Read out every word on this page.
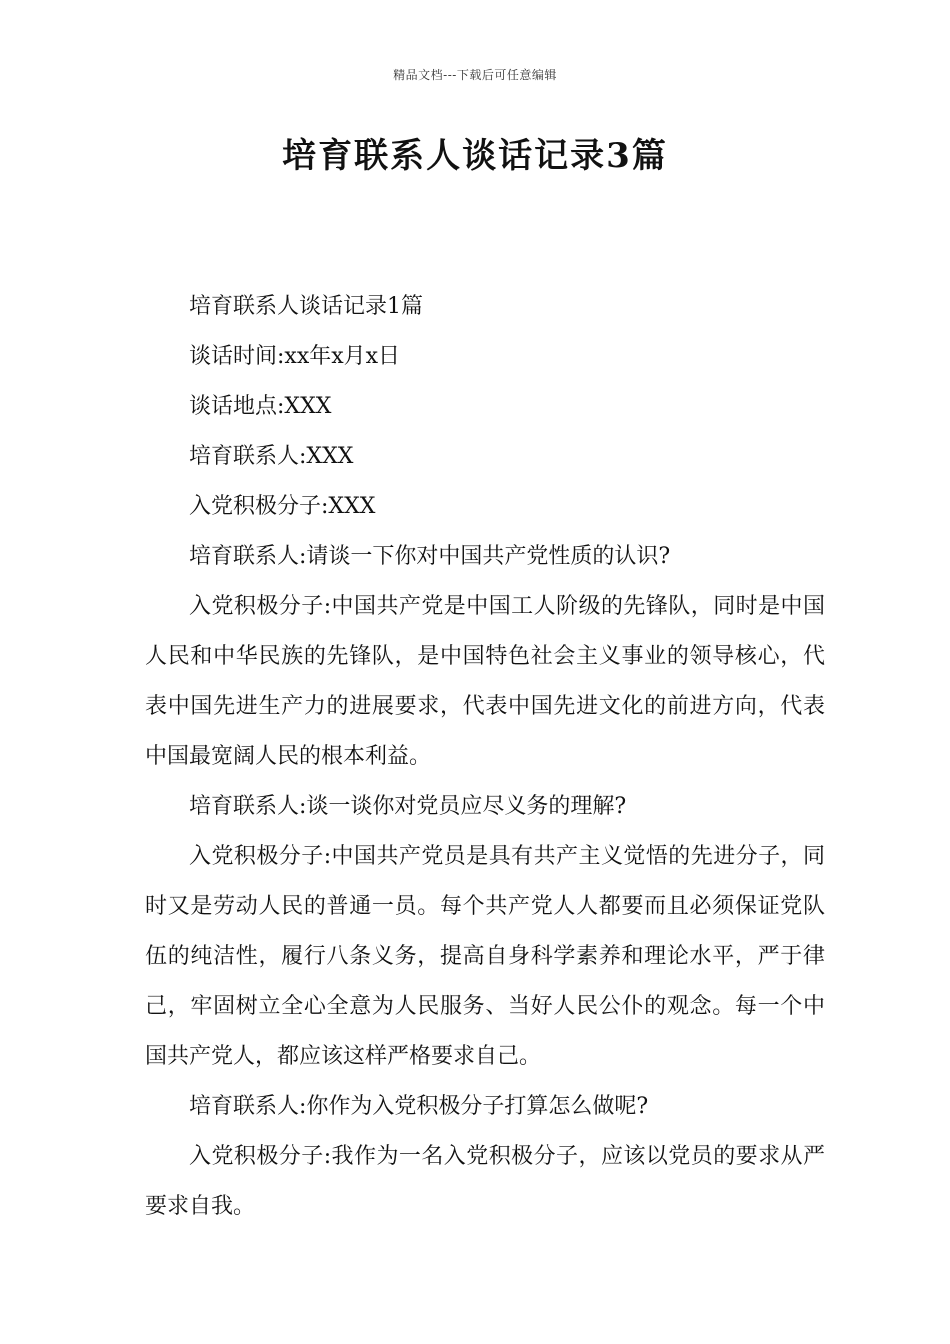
精品文档---下载后可任意编辑
培育联系人谈话记录3篇

培育联系人谈话记录1篇

谈话时间:xx年x月x日

谈话地点:XXX

培育联系人:XXX

入党积极分子:XXX

培育联系人:请谈一下你对中国共产党性质的认识?

入党积极分子:中国共产党是中国工人阶级的先锋队，同时是中国人民和中华民族的先锋队，是中国特色社会主义事业的领导核心，代表中国先进生产力的进展要求，代表中国先进文化的前进方向，代表中国最宽阔人民的根本利益。

培育联系人:谈一谈你对党员应尽义务的理解?

入党积极分子:中国共产党员是具有共产主义觉悟的先进分子，同时又是劳动人民的普通一员。每个共产党人人都要而且必须保证党队伍的纯洁性，履行八条义务，提高自身科学素养和理论水平，严于律己，牢固树立全心全意为人民服务、当好人民公仆的观念。每一个中国共产党人，都应该这样严格要求自己。

培育联系人:你作为入党积极分子打算怎么做呢?

入党积极分子:我作为一名入党积极分子，应该以党员的要求从严要求自我。
